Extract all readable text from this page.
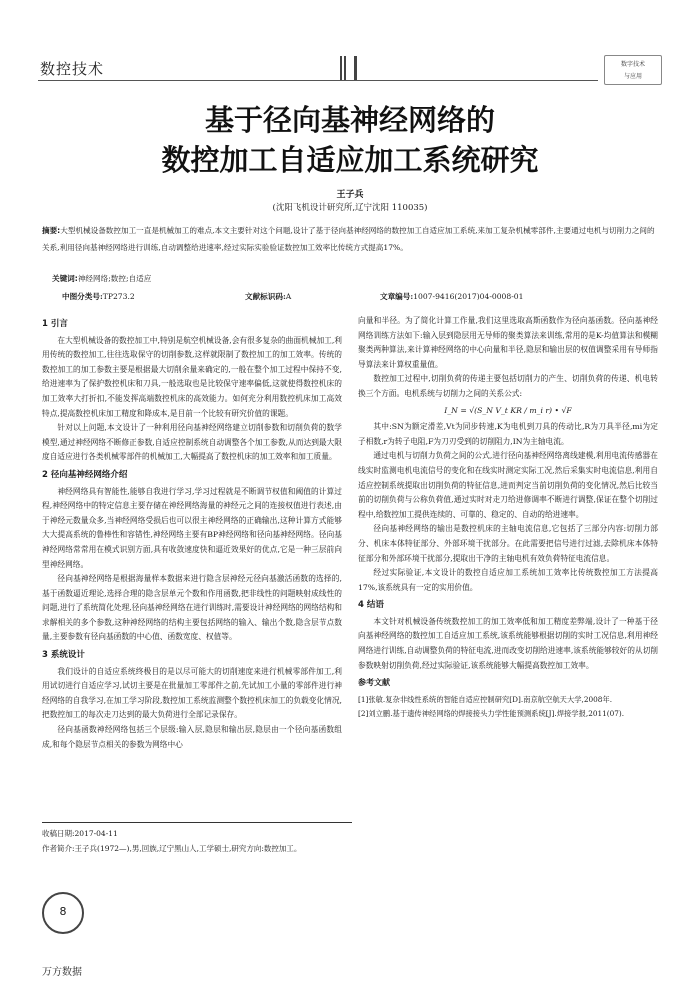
数控技术	数字技术
与应用
基于径向基神经网络的
数控加工自适应加工系统研究
王子兵
(沈阳飞机设计研究所,辽宁沈阳 110035)
摘要:大型机械设备数控加工一直是机械加工的难点,本文主要针对这个问题,设计了基于径向基神经网络的数控加工自适应加工系统,来加工复杂机械零部件,主要通过电机与切削力之间的关系,利用径向基神经网络进行训练,自动调整给进速率,经过实际实验验证数控加工效率比传统方式提高17%。
关键词:神经网络;数控;自适应
中图分类号:TP273.2	文献标识码:A	文章编号:1007-9416(2017)04-0008-01
1 引言

在大型机械设备的数控加工中,特别是航空机械设备,会有很多复杂的曲面机械加工,利用传统的数控加工,往往选取保守的切削参数,这样就限制了数控加工的加工效率。传统的数控加工的加工参数主要是根据最大切削余量来确定的,一般在整个加工过程中保持不变,给进速率为了保护数控机床和刀具,一般选取也是比较保守速率偏低,这就使得数控机床的加工效率大打折扣,不能发挥高端数控机床的高效能力。如何充分利用数控机床加工高效特点,提高数控机床加工精度和降成本,是目前一个比较有研究价值的课题。

针对以上问题,本文设计了一种利用径向基神经网络建立切削参数和切削负荷的数学模型,通过神经网络不断修正参数,自适应控制系统自动调整各个加工参数,从而达到最大限度自适应进行各类机械零部件的机械加工,大幅提高了数控机床的加工效率和加工质量。

2 径向基神经网络介绍

神经网络具有智能性,能够自我进行学习,学习过程就是不断调节权值和阈值的计算过程,神经网络中的特定信息主要存储在神经网络海量的神经元之间的连接权值进行表述,由于神经元数量众多,当神经网络受损后也可以很主神经网络的正确输出,这种计算方式能够大大提高系统的鲁棒性和容错性,神经网络主要有BP神经网络和径向基神经网络。径向基神经网络常常用在模式识别方面,具有收敛速度快和逼近效果好的优点,它是一种三层前向型神经网络。

径向基神经网络是根据海量样本数据来进行隐含层神经元径向基激活函数的选择的,基于函数逼近理论,选择合理的隐含层单元个数和作用函数,把非线性的问题映射成线性的问题,进行了系统简化处理,径向基神经网络在进行训练时,需要设计神经网络的网络结构和求解相关的多个参数,这种神经网络的结构主要包括网络的输入、输出个数,隐含层节点数量,主要参数有径向基函数的中心值、函数宽度、权值等。

3 系统设计

我们设计的自适应系统终极目的是以尽可能大的切削速度来进行机械零部件加工,利用试切进行自适应学习,试切主要是在批量加工零部件之前,先试加工小量的零部件进行神经网络的自我学习,在加工学习阶段,数控加工系统监测整个数控机床加工的负载变化情况,把数控加工的每次走刀达到的最大负荷进行全部记录保存。

径向基函数神经网络包括三个层级:输入层,隐层和输出层,隐层由一个径向基函数组成,和每个隐层节点相关的参数为网络中心

向量和半径。为了简化计算工作量,我们这里选取高斯函数作为径向基函数。径向基神经网络训练方法如下:输入层到隐层用无导师的聚类算法来训练,常用的是K-均值算法和模糊聚类两种算法,来计算神经网络的中心向量和半径,隐层和输出层的权值调整采用有导师指导算法来计算权重量值。

数控加工过程中,切削负荷的传递主要包括切削力的产生、切削负荷的传递、机电转换三个方面。电机系统与切削力之间的关系公式:

I_N = √(S_N V_t KR / m_i r) • √F

其中:SN为额定滑差,Vt为同步转速,K为电机到刀具的传动比,R为刀具半径,mi为定子相数,r为转子电阻,F为刀刃受到的切削阻力,IN为主轴电流。

通过电机与切削力负荷之间的公式,进行径向基神经网络离线建模,利用电流传感器在线实时监测电机电流信号的变化和在线实时测定实际工况,然后采集实时电流信息,利用自适应控制系统提取出切削负荷的特征信息,进而判定当前切削负荷的变化情况,然后比较当前的切削负荷与公称负荷值,通过实时对走刀给进修调率不断进行调整,保证在整个切削过程中,给数控加工提供连续的、可靠的、稳定的、自动的给进速率。

径向基神经网络的输出是数控机床的主轴电流信息,它包括了三部分内容:切削力部分、机床本体特征部分、外部环境干扰部分。在此需要把信号进行过滤,去除机床本体特征部分和外部环境干扰部分,提取出干净的主轴电机有效负荷特征电流信息。

经过实际验证,本文设计的数控自适应加工系统加工效率比传统数控加工方法提高17%,该系统具有一定的实用价值。

4 结语

本文针对机械设备传统数控加工的加工效率低和加工精度差弊端,设计了一种基于径向基神经网络的数控加工自适应加工系统,该系统能够根据切削的实时工况信息,利用神经网络进行训练,自动调整负荷的特征电流,进而改变切削给进速率,该系统能够较好的从切削参数映射切削负荷,经过实际验证,该系统能够大幅提高数控加工效率。

参考文献
[1]张敏.复杂非线性系统的智能自适应控制研究[D].南京航空航天大学,2008年.
[2]刘立鹏.基于遗传神经网络的焊接接头力学性能预测系统[J].焊接学报,2011(07).
收稿日期:2017-04-11
作者简介:王子兵(1972—),男,回族,辽宁黑山人,工学硕士,研究方向:数控加工。
8
万方数据
